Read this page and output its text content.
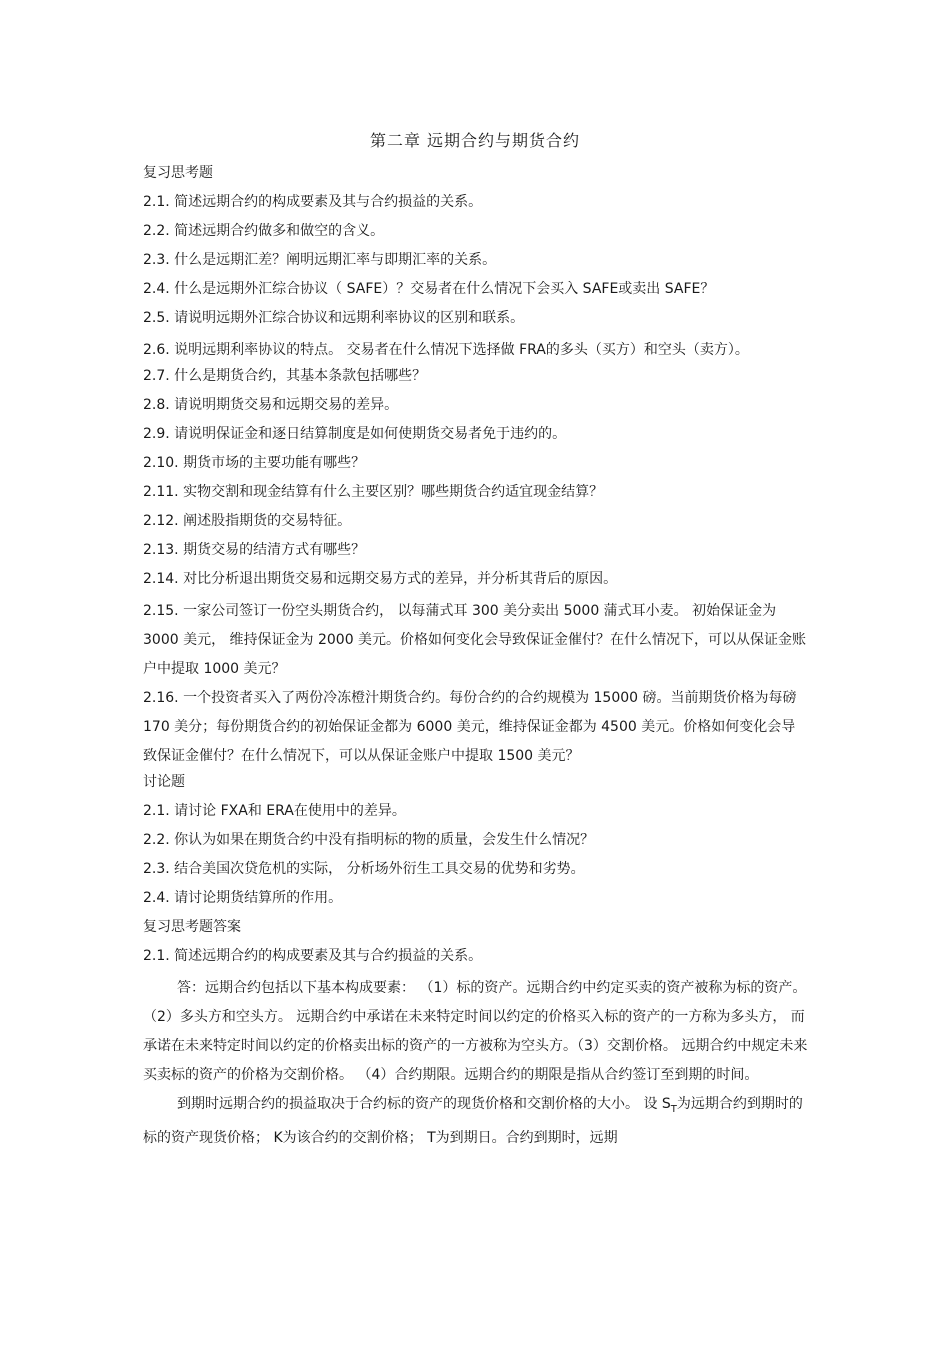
第二章 远期合约与期货合约
复习思考题
2.1. 简述远期合约的构成要素及其与合约损益的关系。
2.2. 简述远期合约做多和做空的含义。
2.3. 什么是远期汇差？阐明远期汇率与即期汇率的关系。
2.4. 什么是远期外汇综合协议（ SAFE）？交易者在什么情况下会买入 SAFE或卖出 SAFE？
2.5. 请说明远期外汇综合协议和远期利率协议的区别和联系。
2.6. 说明远期利率协议的特点。 交易者在什么情况下选择做 FRA的多头（买方）和空头（卖方）。
2.7. 什么是期货合约，其基本条款包括哪些？
2.8. 请说明期货交易和远期交易的差异。
2.9. 请说明保证金和逐日结算制度是如何使期货交易者免于违约的。
2.10. 期货市场的主要功能有哪些？
2.11. 实物交割和现金结算有什么主要区别？哪些期货合约适宜现金结算？
2.12. 阐述股指期货的交易特征。
2.13. 期货交易的结清方式有哪些？
2.14. 对比分析退出期货交易和远期交易方式的差异，并分析其背后的原因。
2.15. 一家公司签订一份空头期货合约， 以每蒲式耳 300 美分卖出 5000 蒲式耳小麦。 初始保证金为 3000 美元， 维持保证金为 2000 美元。价格如何变化会导致保证金催付？在什么情况下，可以从保证金账户中提取 1000 美元？
2.16. 一个投资者买入了两份冷冻橙汁期货合约。每份合约的合约规模为 15000 磅。当前期货价格为每磅 170 美分；每份期货合约的初始保证金都为 6000 美元，维持保证金都为 4500 美元。价格如何变化会导致保证金催付？在什么情况下，可以从保证金账户中提取 1500 美元？
讨论题
2.1. 请讨论 FXA和 ERA在使用中的差异。
2.2. 你认为如果在期货合约中没有指明标的物的质量，会发生什么情况？
2.3. 结合美国次贷危机的实际， 分析场外衍生工具交易的优势和劣势。
2.4. 请讨论期货结算所的作用。
复习思考题答案
2.1. 简述远期合约的构成要素及其与合约损益的关系。
答：远期合约包括以下基本构成要素： （1）标的资产。远期合约中约定买卖的资产被称为标的资产。（2）多头方和空头方。 远期合约中承诺在未来特定时间以约定的价格买入标的资产的一方称为多头方， 而承诺在未来特定时间以约定的价格卖出标的资产的一方被称为空头方。（3）交割价格。 远期合约中规定未来买卖标的资产的价格为交割价格。 （4）合约期限。远期合约的期限是指从合约签订至到期的时间。
到期时远期合约的损益取决于合约标的资产的现货价格和交割价格的大小。 设 $S_T$为远期合约到期时的标的资产现货价格； K为该合约的交割价格； T为到期日。合约到期时，远期
